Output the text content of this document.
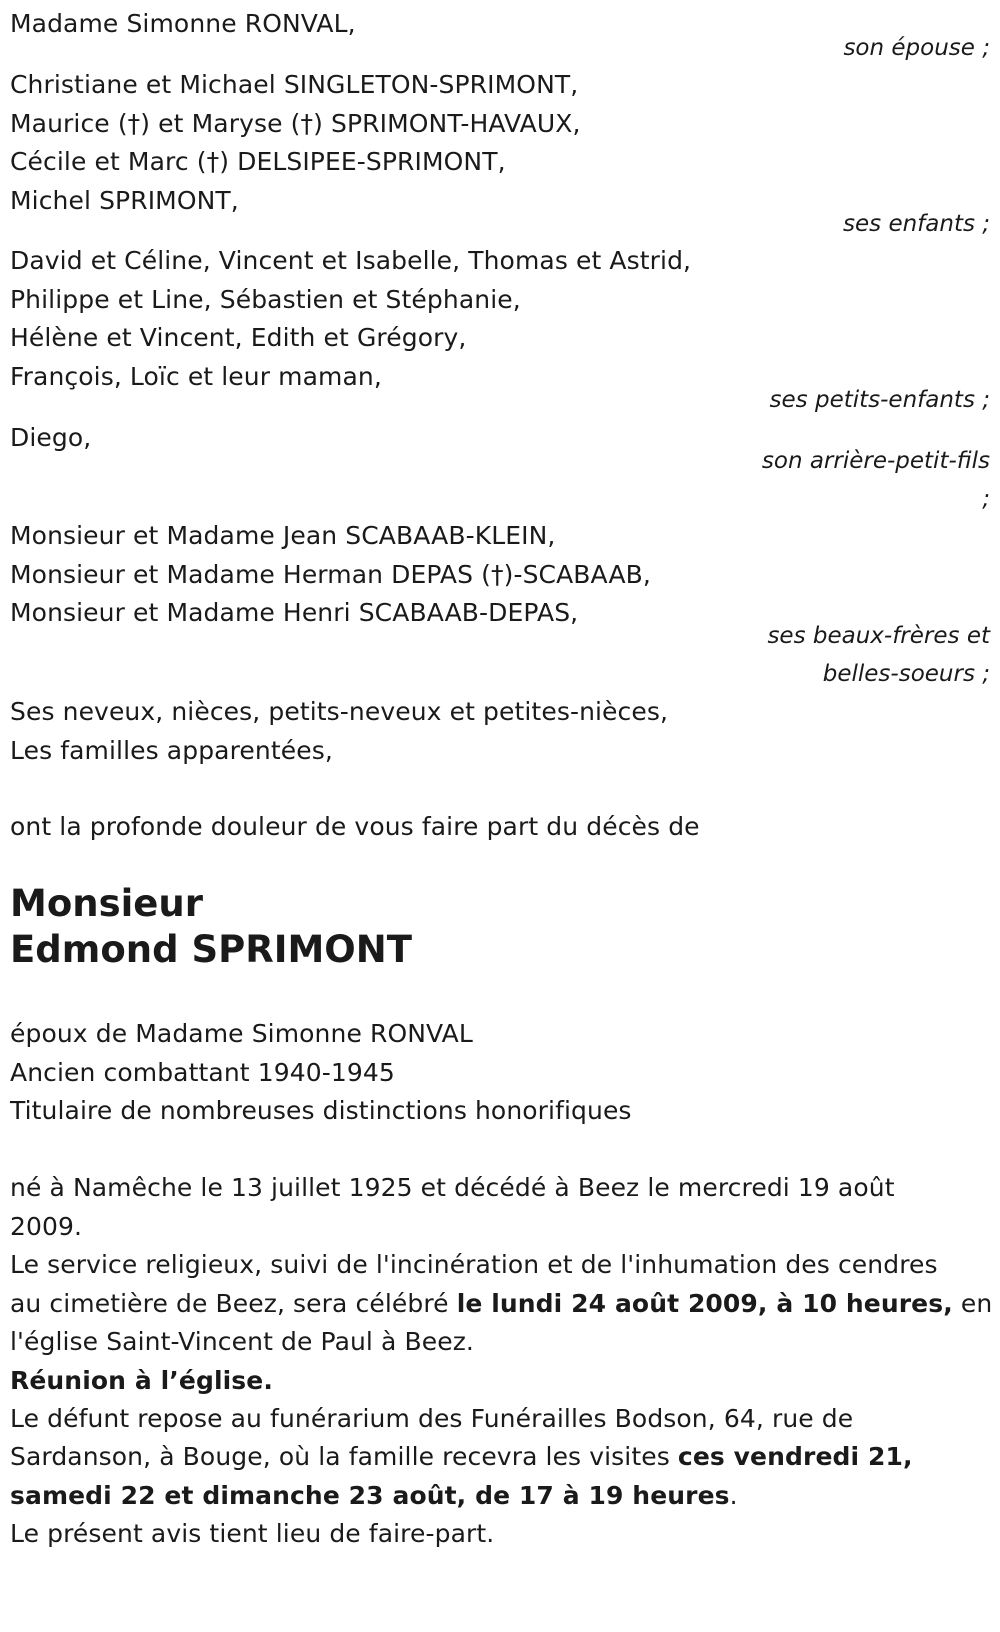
Madame Simonne RONVAL,
son épouse ;
Christiane et Michael SINGLETON-SPRIMONT,
Maurice (†) et Maryse (†) SPRIMONT-HAVAUX,
Cécile et Marc (†) DELSIPEE-SPRIMONT,
Michel SPRIMONT,
ses enfants ;
David et Céline, Vincent et Isabelle, Thomas et Astrid,
Philippe et Line, Sébastien et Stéphanie,
Hélène et Vincent, Edith et Grégory,
François, Loïc et leur maman,
ses petits-enfants ;
Diego,
son arrière-petit-fils
;
Monsieur et Madame Jean SCABAAB-KLEIN,
Monsieur et Madame Herman DEPAS (†)-SCABAAB,
Monsieur et Madame Henri SCABAAB-DEPAS,
ses beaux-frères et
belles-soeurs ;
Ses neveux, nièces, petits-neveux et petites-nièces,
Les familles apparentées,
ont la profonde douleur de vous faire part du décès de
Monsieur
Edmond SPRIMONT
époux de Madame Simonne RONVAL
Ancien combattant 1940-1945
Titulaire de nombreuses distinctions honorifiques
né à Namêche le 13 juillet 1925 et décédé à Beez le mercredi 19 août
2009.
Le service religieux, suivi de l'incinération et de l'inhumation des cendres
au cimetière de Beez, sera célébré le lundi 24 août 2009, à 10 heures, en
l'église Saint-Vincent de Paul à Beez.
Réunion à l’église.
Le défunt repose au funérarium des Funérailles Bodson, 64, rue de
Sardanson, à Bouge, où la famille recevra les visites ces vendredi 21,
samedi 22 et dimanche 23 août, de 17 à 19 heures.
Le présent avis tient lieu de faire-part.
